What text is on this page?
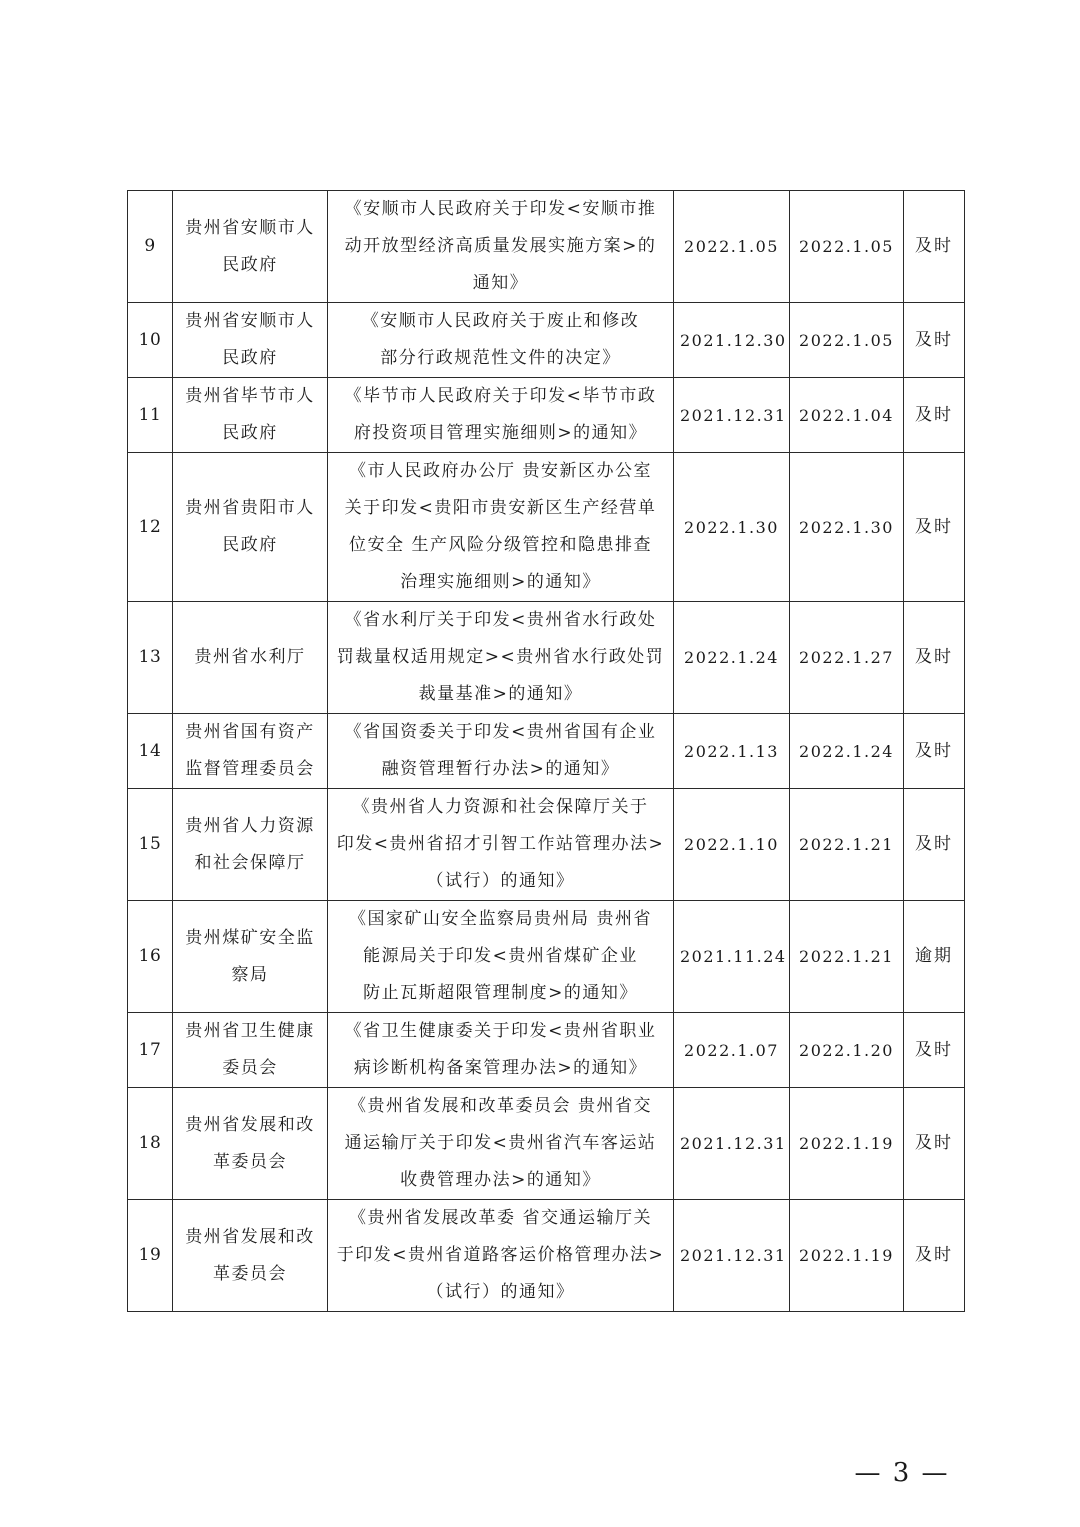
9	贵州省安顺市人
民政府	《安顺市人民政府关于印发<安顺市推
动开放型经济高质量发展实施方案>的
通知》	2022.1.05	2022.1.05	及时
10	贵州省安顺市人
民政府	《安顺市人民政府关于废止和修改
部分行政规范性文件的决定》	2021.12.30	2022.1.05	及时
11	贵州省毕节市人
民政府	《毕节市人民政府关于印发<毕节市政
府投资项目管理实施细则>的通知》	2021.12.31	2022.1.04	及时
12	贵州省贵阳市人
民政府	《市人民政府办公厅 贵安新区办公室
关于印发<贵阳市贵安新区生产经营单
位安全 生产风险分级管控和隐患排查
治理实施细则>的通知》	2022.1.30	2022.1.30	及时
13	贵州省水利厅	《省水利厅关于印发<贵州省水行政处
罚裁量权适用规定><贵州省水行政处罚
裁量基准>的通知》	2022.1.24	2022.1.27	及时
14	贵州省国有资产
监督管理委员会	《省国资委关于印发<贵州省国有企业
融资管理暂行办法>的通知》	2022.1.13	2022.1.24	及时
15	贵州省人力资源
和社会保障厅	《贵州省人力资源和社会保障厅关于
印发<贵州省招才引智工作站管理办法>
（试行）的通知》	2022.1.10	2022.1.21	及时
16	贵州煤矿安全监
察局	《国家矿山安全监察局贵州局 贵州省
能源局关于印发<贵州省煤矿企业
防止瓦斯超限管理制度>的通知》	2021.11.24	2022.1.21	逾期
17	贵州省卫生健康
委员会	《省卫生健康委关于印发<贵州省职业
病诊断机构备案管理办法>的通知》	2022.1.07	2022.1.20	及时
18	贵州省发展和改
革委员会	《贵州省发展和改革委员会 贵州省交
通运输厅关于印发<贵州省汽车客运站
收费管理办法>的通知》	2021.12.31	2022.1.19	及时
19	贵州省发展和改
革委员会	《贵州省发展改革委 省交通运输厅关
于印发<贵州省道路客运价格管理办法>
（试行）的通知》	2021.12.31	2022.1.19	及时
— 3 —
